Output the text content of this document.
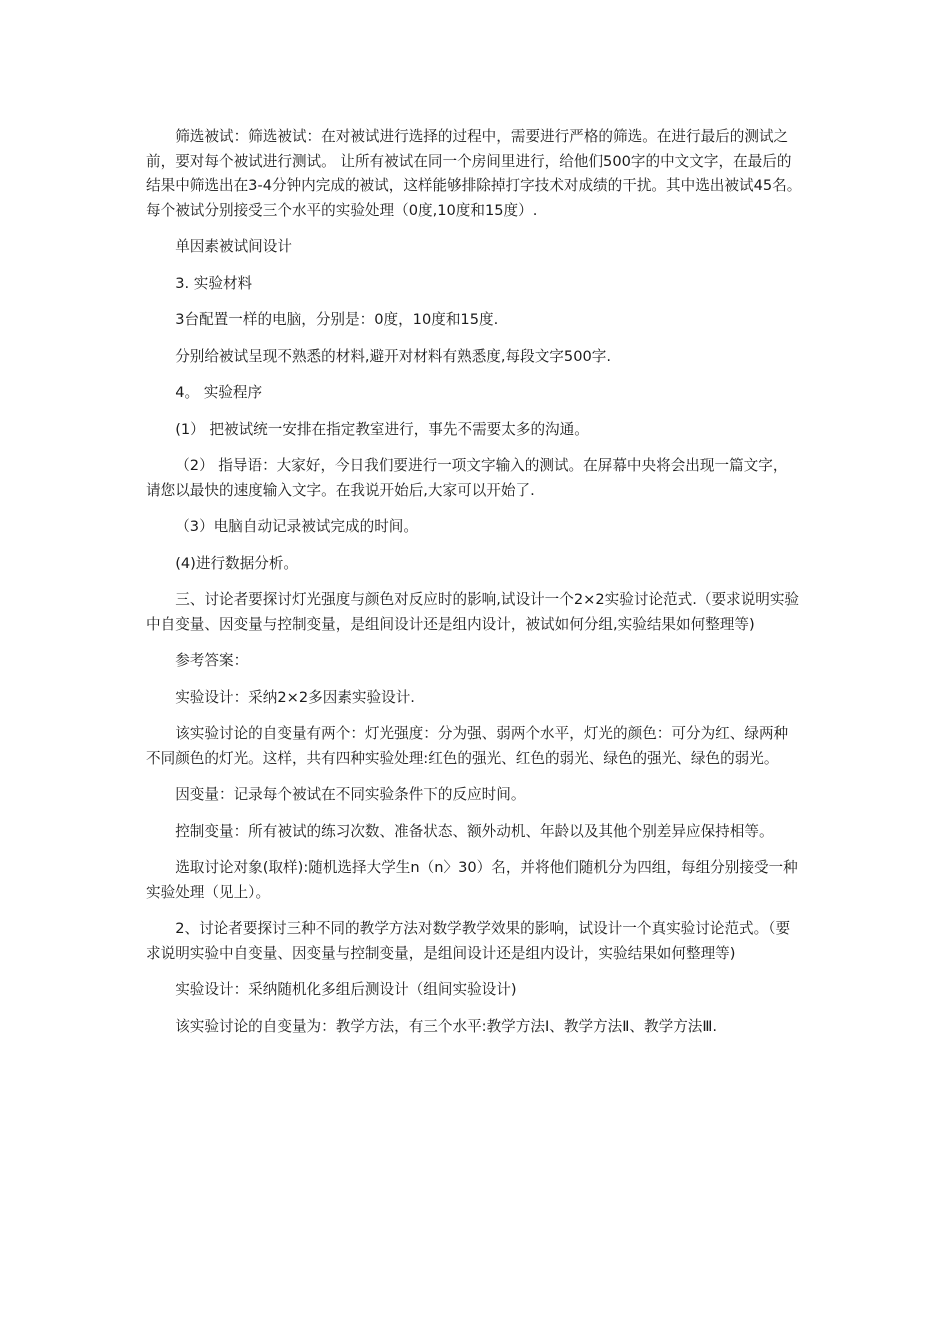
筛选被试：筛选被试：在对被试进行选择的过程中，需要进行严格的筛选。在进行最后的测试之前，要对每个被试进行测试。 让所有被试在同一个房间里进行，给他们500字的中文文字，在最后的结果中筛选出在3-4分钟内完成的被试，这样能够排除掉打字技术对成绩的干扰。其中选出被试45名。每个被试分别接受三个水平的实验处理（0度,10度和15度）.

单因素被试间设计

3. 实验材料

3台配置一样的电脑，分别是：0度，10度和15度.

分别给被试呈现不熟悉的材料,避开对材料有熟悉度,每段文字500字.

4。 实验程序

(1） 把被试统一安排在指定教室进行，事先不需要太多的沟通。

（2） 指导语：大家好，今日我们要进行一项文字输入的测试。在屏幕中央将会出现一篇文字，请您以最快的速度输入文字。在我说开始后,大家可以开始了.

（3）电脑自动记录被试完成的时间。

(4)进行数据分析。

三、讨论者要探讨灯光强度与颜色对反应时的影响,试设计一个2×2实验讨论范式.（要求说明实验中自变量、因变量与控制变量，是组间设计还是组内设计，被试如何分组,实验结果如何整理等)

参考答案：

实验设计：采纳2×2多因素实验设计.

该实验讨论的自变量有两个：灯光强度：分为强、弱两个水平，灯光的颜色：可分为红、绿两种不同颜色的灯光。这样，共有四种实验处理:红色的强光、红色的弱光、绿色的强光、绿色的弱光。

因变量：记录每个被试在不同实验条件下的反应时间。

控制变量：所有被试的练习次数、准备状态、额外动机、年龄以及其他个别差异应保持相等。

选取讨论对象(取样):随机选择大学生n（n〉30）名，并将他们随机分为四组，每组分别接受一种实验处理（见上）。

2、讨论者要探讨三种不同的教学方法对数学教学效果的影响，试设计一个真实验讨论范式。（要求说明实验中自变量、因变量与控制变量，是组间设计还是组内设计，实验结果如何整理等)

实验设计：采纳随机化多组后测设计（组间实验设计)

该实验讨论的自变量为：教学方法，有三个水平:教学方法Ⅰ、教学方法Ⅱ、教学方法Ⅲ.
